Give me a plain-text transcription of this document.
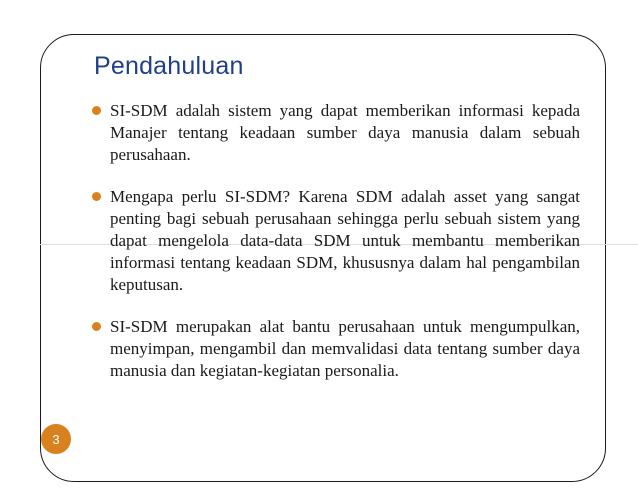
Pendahuluan
SI-SDM adalah sistem yang dapat memberikan informasi kepada Manajer tentang keadaan sumber daya manusia dalam sebuah perusahaan.
Mengapa perlu SI-SDM? Karena SDM adalah asset yang sangat penting bagi sebuah perusahaan sehingga perlu sebuah sistem yang dapat mengelola data-data SDM untuk membantu memberikan informasi tentang keadaan SDM, khususnya dalam hal pengambilan keputusan.
SI-SDM merupakan alat bantu perusahaan untuk mengumpulkan, menyimpan, mengambil dan memvalidasi data tentang sumber daya manusia dan kegiatan-kegiatan personalia.
3
